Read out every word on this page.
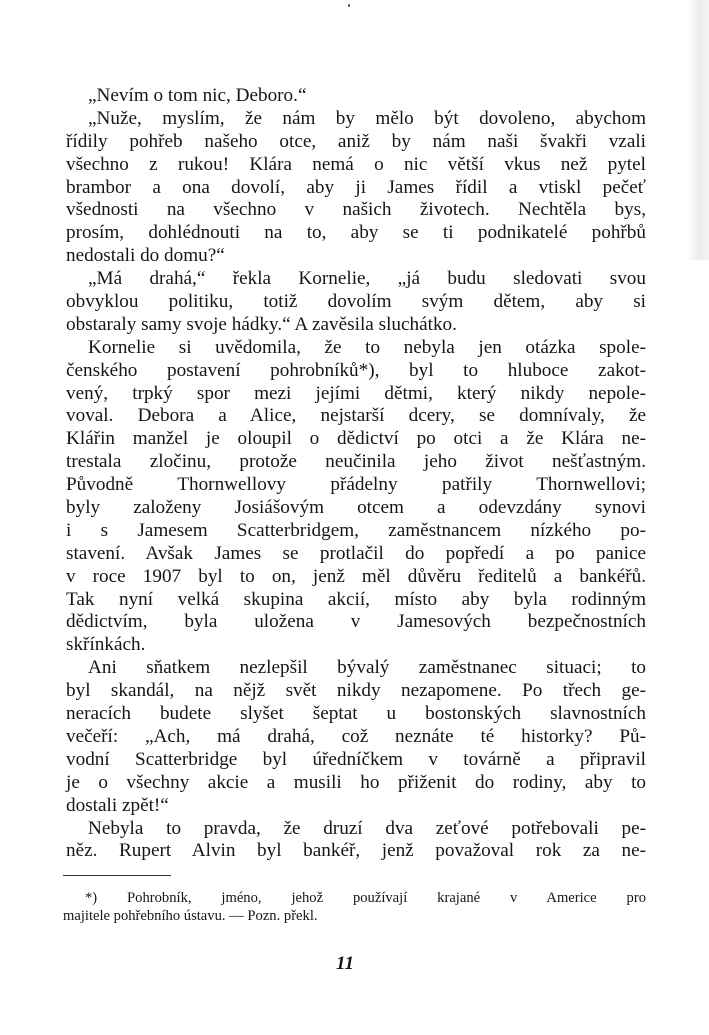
„Nevím o tom nic, Deboro.“
„Nuže, myslím, že nám by mělo být dovoleno, abychom
řídily pohřeb našeho otce, aniž by nám naši švakři vzali
všechno z rukou! Klára nemá o nic větší vkus než pytel
brambor a ona dovolí, aby ji James řídil a vtiskl pečeť
všednosti na všechno v našich životech. Nechtěla bys,
prosím, dohlédnouti na to, aby se ti podnikatelé pohřbů
nedostali do domu?“
„Má drahá,“ řekla Kornelie, „já budu sledovati svou
obvyklou politiku, totiž dovolím svým dětem, aby si
obstaraly samy svoje hádky.“ A zavěsila sluchátko.
Kornelie si uvědomila, že to nebyla jen otázka spole-
čenského postavení pohrobníků*), byl to hluboce zakot-
vený, trpký spor mezi jejími dětmi, který nikdy nepole-
voval. Debora a Alice, nejstarší dcery, se domnívaly, že
Klářin manžel je oloupil o dědictví po otci a že Klára ne-
trestala zločinu, protože neučinila jeho život nešťastným.
Původně Thornwellovy přádelny patřily Thornwellovi;
byly založeny Josiášovým otcem a odevzdány synovi
i s Jamesem Scatterbridgem, zaměstnancem nízkého po-
stavení. Avšak James se protlačil do popředí a po panice
v roce 1907 byl to on, jenž měl důvěru ředitelů a bankéřů.
Tak nyní velká skupina akcií, místo aby byla rodinným
dědictvím, byla uložena v Jamesových bezpečnostních
skřínkách.
Ani sňatkem nezlepšil bývalý zaměstnanec situaci; to
byl skandál, na nějž svět nikdy nezapomene. Po třech ge-
neracích budete slyšet šeptat u bostonských slavnostních
večeří: „Ach, má drahá, což neznáte té historky? Pů-
vodní Scatterbridge byl úředníčkem v továrně a připravil
je o všechny akcie a musili ho přiženit do rodiny, aby to
dostali zpět!“
Nebyla to pravda, že druzí dva zeťové potřebovali pe-
něz. Rupert Alvin byl bankéř, jenž považoval rok za ne-
*) Pohrobník, jméno, jehož používají krajané v Americe pro
majitele pohřebního ústavu. — Pozn. překl.
11
